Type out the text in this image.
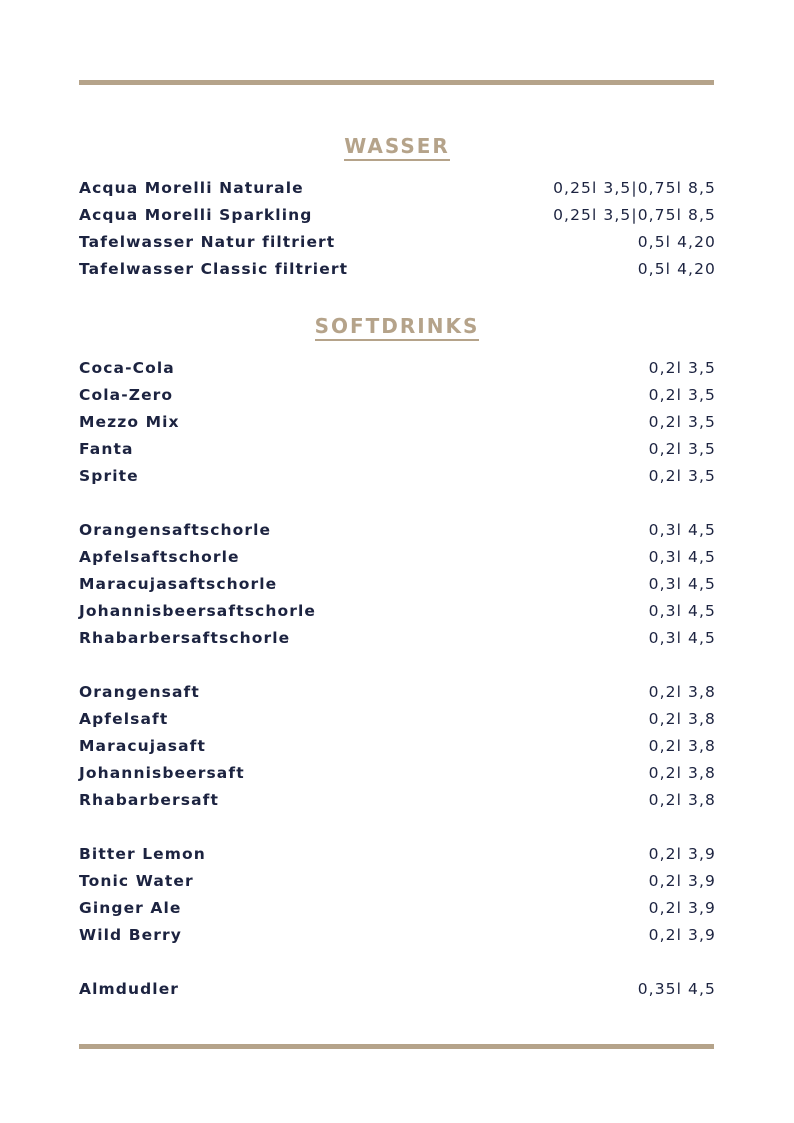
WASSER
Acqua Morelli Naturale	0,25l 3,5|0,75l 8,5
Acqua Morelli Sparkling	0,25l 3,5|0,75l 8,5
Tafelwasser Natur filtriert	0,5l 4,20
Tafelwasser Classic filtriert	0,5l 4,20
SOFTDRINKS
Coca-Cola	0,2l 3,5
Cola-Zero	0,2l 3,5
Mezzo Mix	0,2l 3,5
Fanta	0,2l 3,5
Sprite	0,2l 3,5
Orangensaftschorle	0,3l 4,5
Apfelsaftschorle	0,3l 4,5
Maracujasaftschorle	0,3l 4,5
Johannisbeersaftschorle	0,3l 4,5
Rhabarbersaftschorle	0,3l 4,5
Orangensaft	0,2l 3,8
Apfelsaft	0,2l 3,8
Maracujasaft	0,2l 3,8
Johannisbeersaft	0,2l 3,8
Rhabarbersaft	0,2l 3,8
Bitter Lemon	0,2l 3,9
Tonic Water	0,2l 3,9
Ginger Ale	0,2l 3,9
Wild Berry	0,2l 3,9
Almdudler	0,35l 4,5
